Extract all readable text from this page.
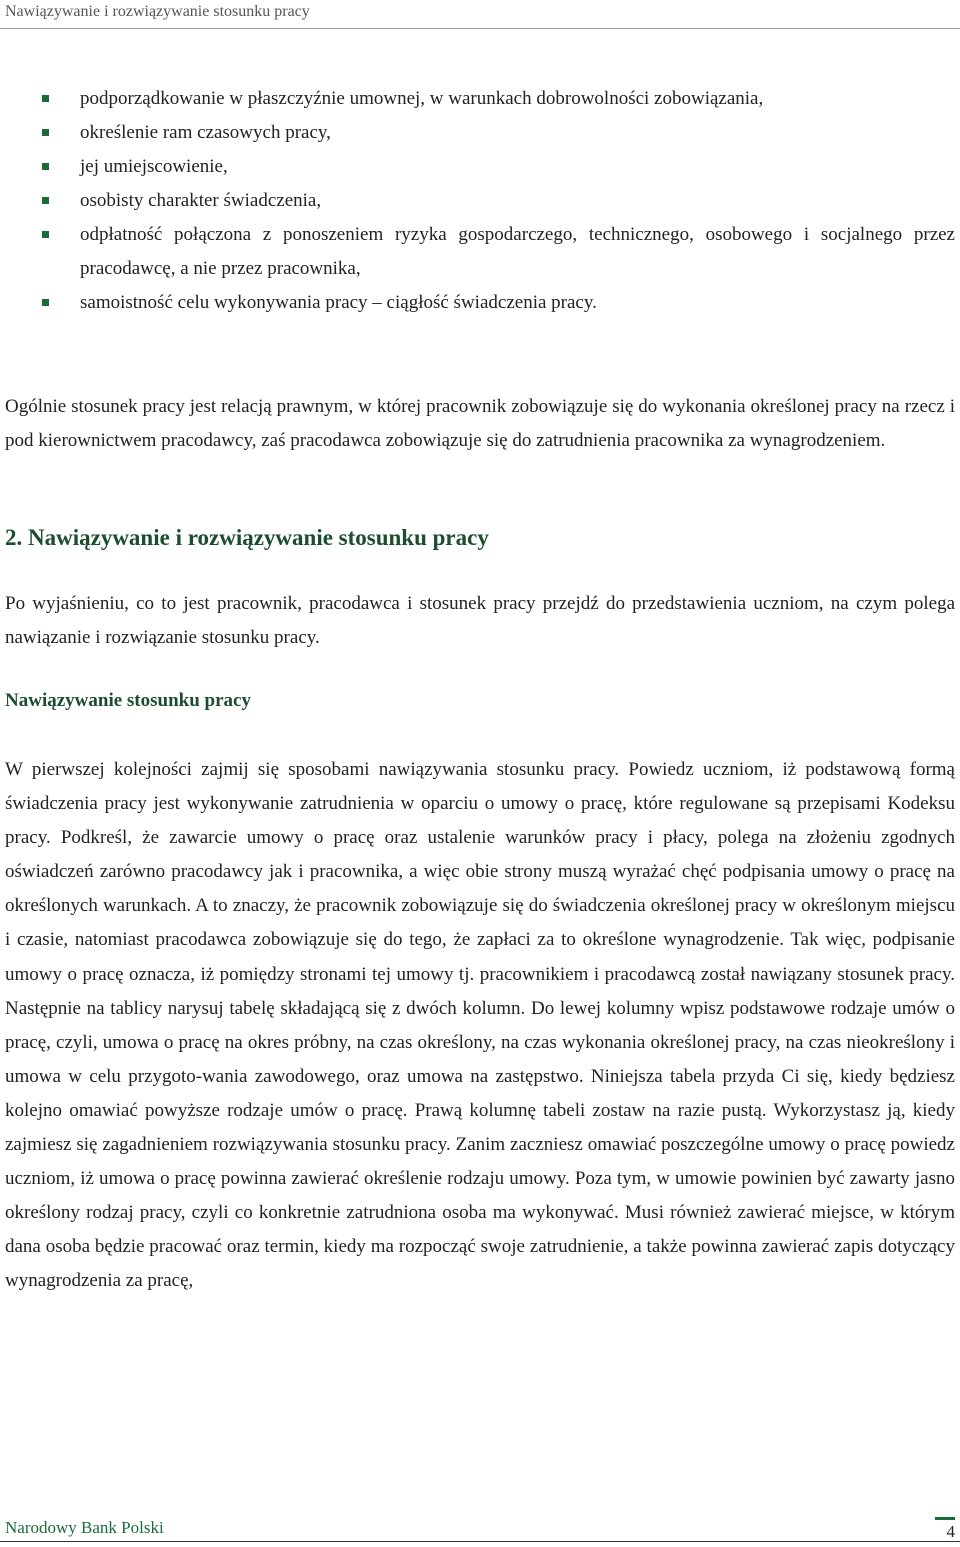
Nawiązywanie i rozwiązywanie stosunku pracy
podporządkowanie w płaszczyźnie umownej, w warunkach dobrowolności zobowiązania,
określenie ram czasowych pracy,
jej umiejscowienie,
osobisty charakter świadczenia,
odpłatność połączona z ponoszeniem ryzyka gospodarczego, technicznego, osobowego i socjalnego przez pracodawcę, a nie przez pracownika,
samoistność celu wykonywania pracy – ciągłość świadczenia pracy.

Ogólnie stosunek pracy jest relacją prawnym, w której pracownik zobowiązuje się do wykonania określonej pracy na rzecz i pod kierownictwem pracodawcy, zaś pracodawca zobowiązuje się do zatrudnienia pracownika za wynagrodzeniem.

2. Nawiązywanie i rozwiązywanie stosunku pracy

Po wyjaśnieniu, co to jest pracownik, pracodawca i stosunek pracy przejdź do przedstawienia uczniom, na czym polega nawiązanie i rozwiązanie stosunku pracy.

Nawiązywanie stosunku pracy

W pierwszej kolejności zajmij się sposobami nawiązywania stosunku pracy. Powiedz uczniom, iż podstawową formą świadczenia pracy jest wykonywanie zatrudnienia w oparciu o umowy o pracę, które regulowane są przepisami Kodeksu pracy. Podkreśl, że zawarcie umowy o pracę oraz ustalenie warunków pracy i płacy, polega na złożeniu zgodnych oświadczeń zarówno pracodawcy jak i pracownika, a więc obie strony muszą wyrażać chęć podpisania umowy o pracę na określonych warunkach. A to znaczy, że pracownik zobowiązuje się do świadczenia określonej pracy w określonym miejscu i czasie, natomiast pracodawca zobowiązuje się do tego, że zapłaci za to określone wynagrodzenie. Tak więc, podpisanie umowy o pracę oznacza, iż pomiędzy stronami tej umowy tj. pracownikiem i pracodawcą został nawiązany stosunek pracy. Następnie na tablicy narysuj tabelę składającą się z dwóch kolumn. Do lewej kolumny wpisz podstawowe rodzaje umów o pracę, czyli, umowa o pracę na okres próbny, na czas określony, na czas wykonania określonej pracy, na czas nieokreślony i umowa w celu przygoto-wania zawodowego, oraz umowa na zastępstwo. Niniejsza tabela przyda Ci się, kiedy będziesz kolejno omawiać powyższe rodzaje umów o pracę. Prawą kolumnę tabeli zostaw na razie pustą. Wykorzystasz ją, kiedy zajmiesz się zagadnieniem rozwiązywania stosunku pracy. Zanim zaczniesz omawiać poszczególne umowy o pracę powiedz uczniom, iż umowa o pracę powinna zawierać określenie rodzaju umowy. Poza tym, w umowie powinien być zawarty jasno określony rodzaj pracy, czyli co konkretnie zatrudniona osoba ma wykonywać. Musi również zawierać miejsce, w którym dana osoba będzie pracować oraz termin, kiedy ma rozpocząć swoje zatrudnienie, a także powinna zawierać zapis dotyczący wynagrodzenia za pracę,

Narodowy Bank Polski	4
